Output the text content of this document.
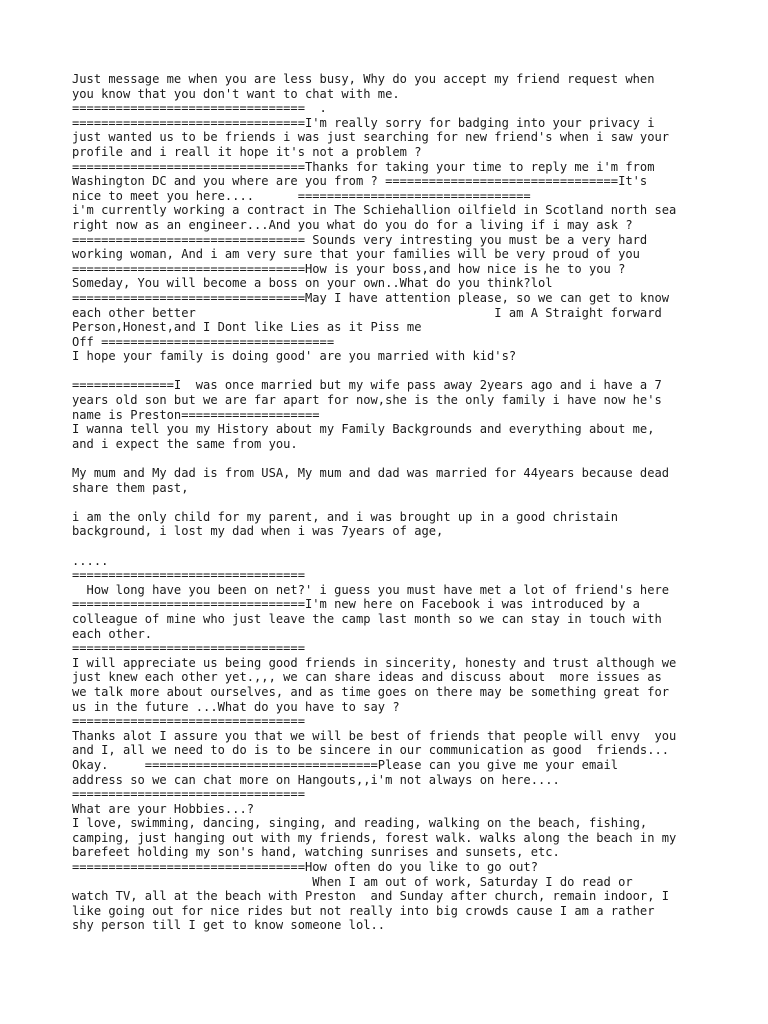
Just message me when you are less busy, Why do you accept my friend request when
you know that you don't want to chat with me.
================================  .
================================I'm really sorry for badging into your privacy i
just wanted us to be friends i was just searching for new friend's when i saw your
profile and i reall it hope it's not a problem ?
================================Thanks for taking your time to reply me i'm from
Washington DC and you where are you from ? ================================It's
nice to meet you here....      ================================
i'm currently working a contract in The Schiehallion oilfield in Scotland north sea
right now as an engineer...And you what do you do for a living if i may ask ?
================================ Sounds very intresting you must be a very hard
working woman, And i am very sure that your families will be very proud of you
================================How is your boss,and how nice is he to you ?
Someday, You will become a boss on your own..What do you think?lol
================================May I have attention please, so we can get to know
each other better                                         I am A Straight forward
Person,Honest,and I Dont like Lies as it Piss me
Off ================================
I hope your family is doing good' are you married with kid's?
==============I  was once married but my wife pass away 2years ago and i have a 7
years old son but we are far apart for now,she is the only family i have now he's
name is Preston===================
I wanna tell you my History about my Family Backgrounds and everything about me,
and i expect the same from you.
My mum and My dad is from USA, My mum and dad was married for 44years because dead
share them past,
i am the only child for my parent, and i was brought up in a good christain
background, i lost my dad when i was 7years of age,
.....
================================
How long have you been on net?' i guess you must have met a lot of friend's here
================================I'm new here on Facebook i was introduced by a
colleague of mine who just leave the camp last month so we can stay in touch with
each other.
================================
I will appreciate us being good friends in sincerity, honesty and trust although we
just knew each other yet.,,, we can share ideas and discuss about  more issues as
we talk more about ourselves, and as time goes on there may be something great for
us in the future ...What do you have to say ?
================================
Thanks alot I assure you that we will be best of friends that people will envy  you
and I, all we need to do is to be sincere in our communication as good  friends...
Okay.     ================================Please can you give me your email
address so we can chat more on Hangouts,,i'm not always on here....
================================
What are your Hobbies...?
I love, swimming, dancing, singing, and reading, walking on the beach, fishing,
camping, just hanging out with my friends, forest walk. walks along the beach in my
barefeet holding my son's hand, watching sunrises and sunsets, etc.
================================How often do you like to go out?
When I am out of work, Saturday I do read or
watch TV, all at the beach with Preston  and Sunday after church, remain indoor, I
like going out for nice rides but not really into big crowds cause I am a rather
shy person till I get to know someone lol..
